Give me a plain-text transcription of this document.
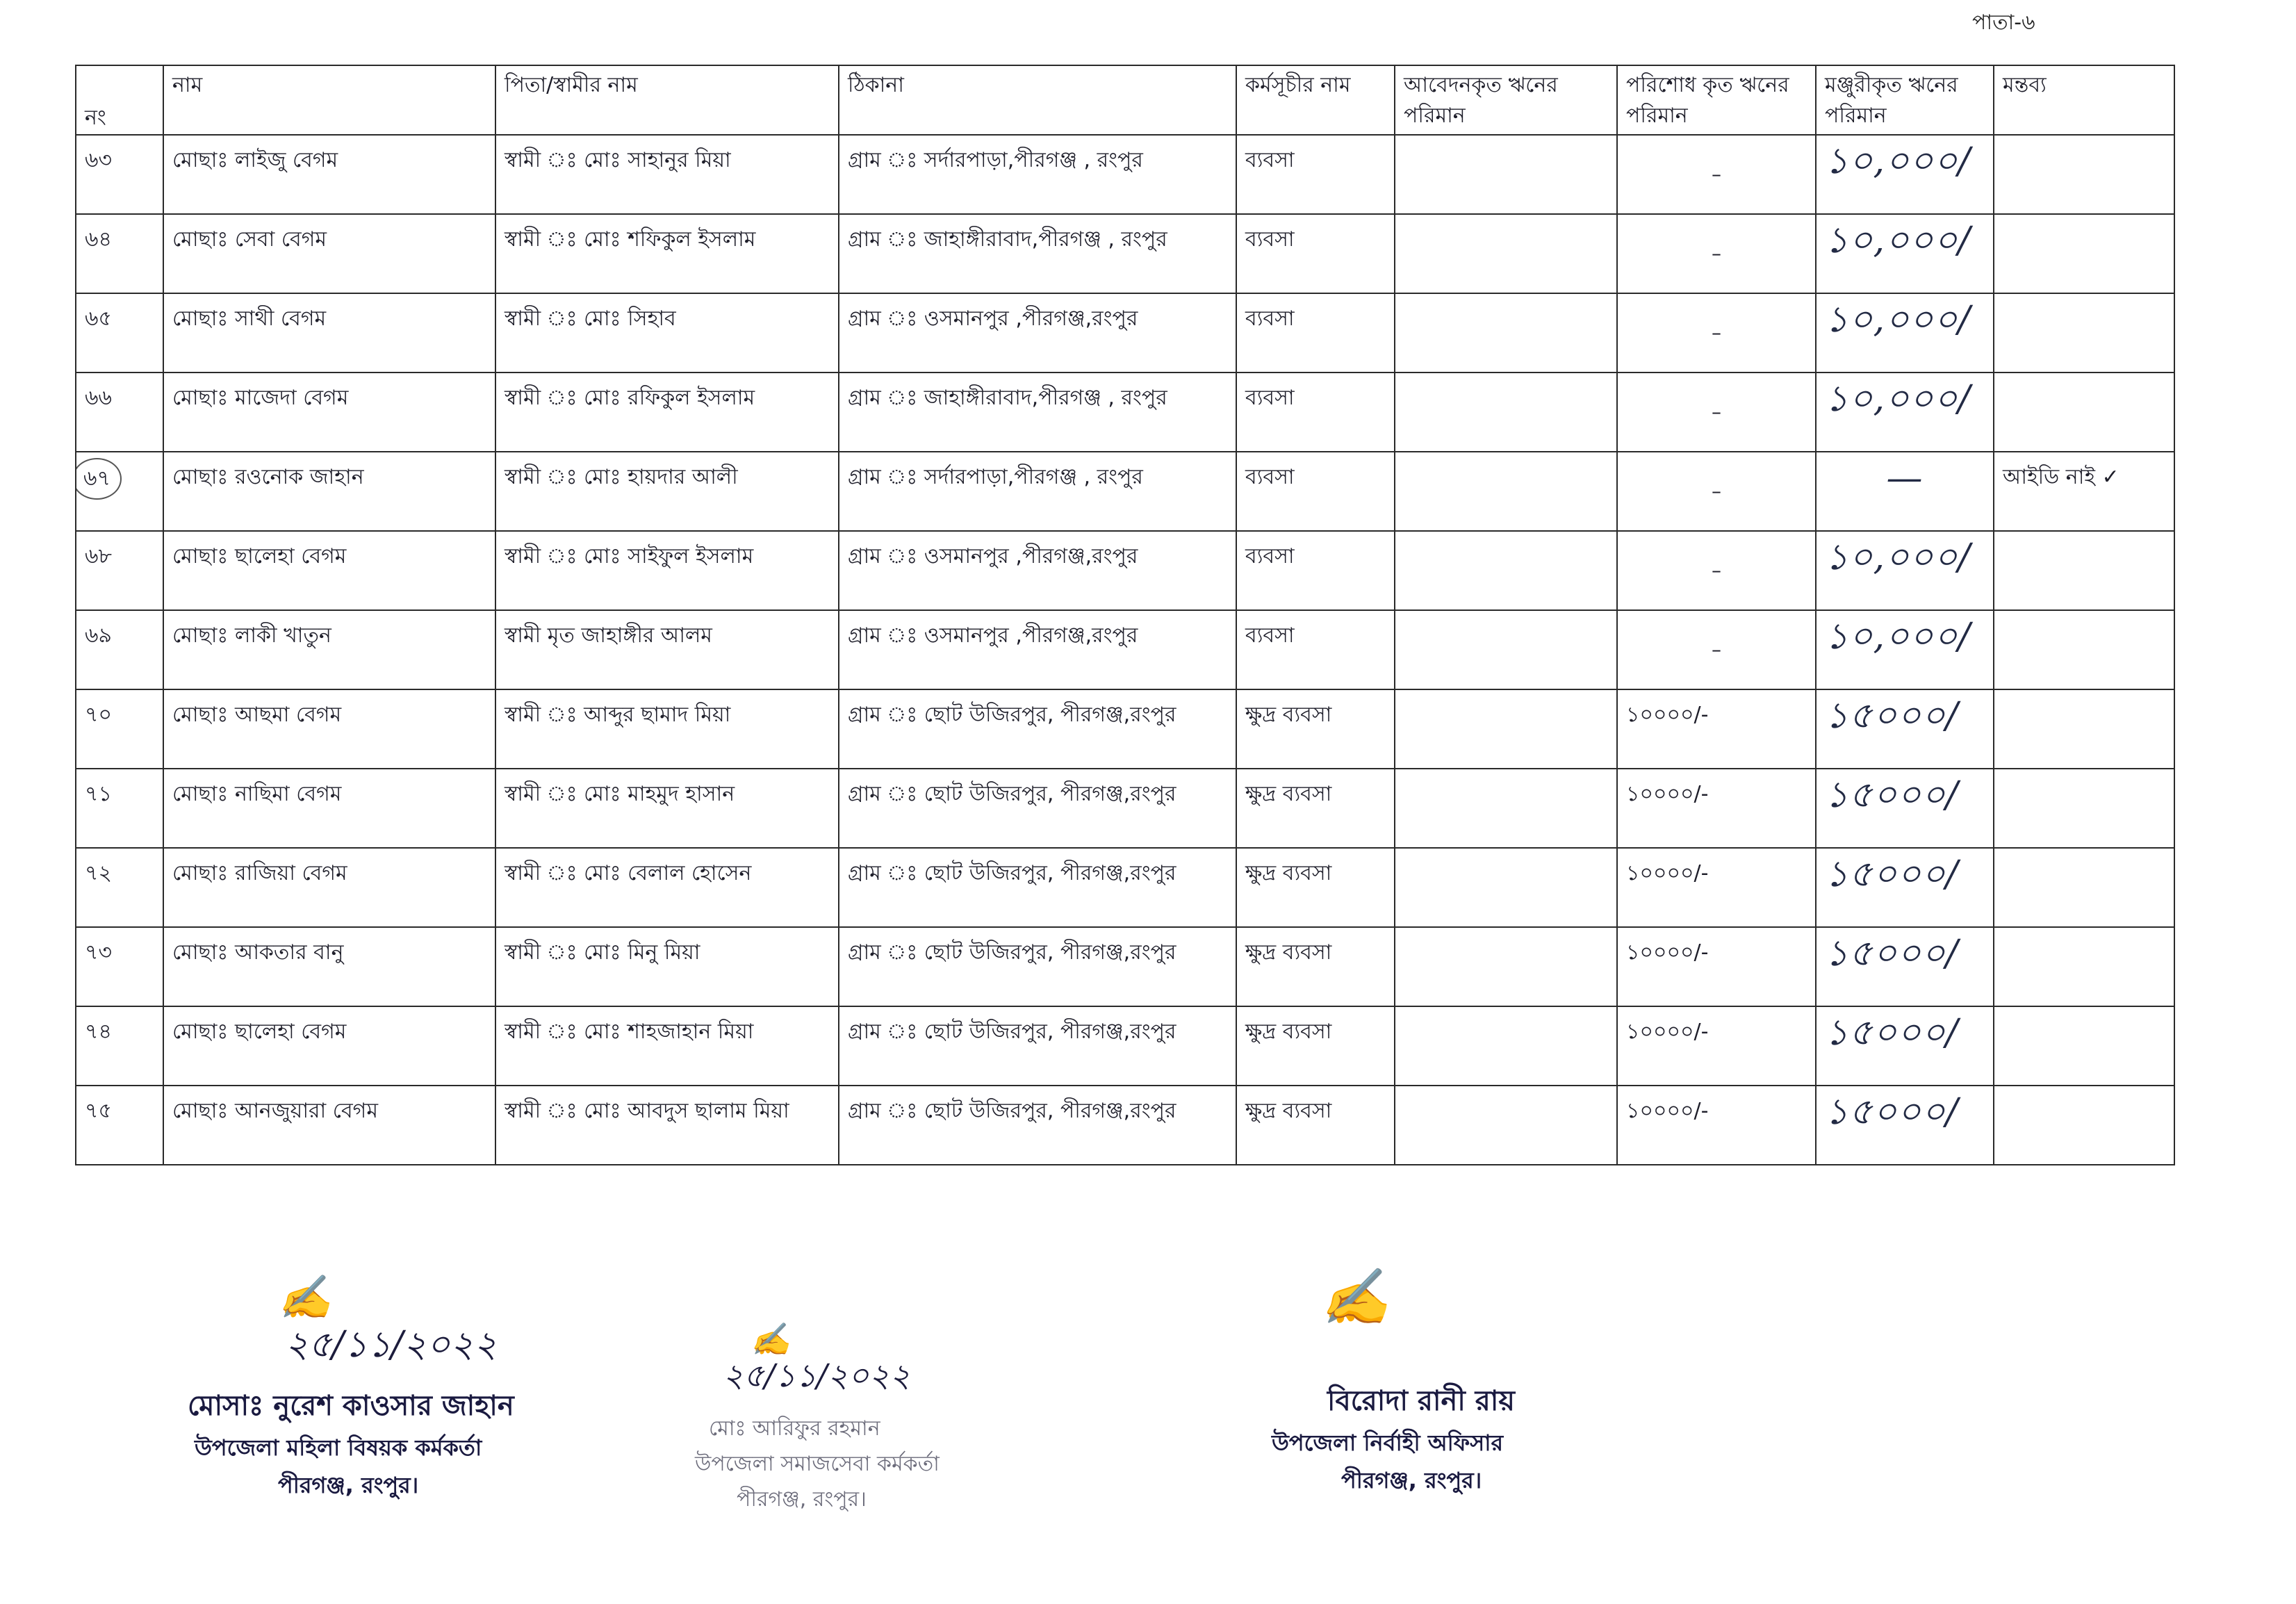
পাতা-৬
নং	নাম	পিতা/স্বামীর নাম	ঠিকানা	কর্মসূচীর নাম	আবেদনকৃত ঋনের পরিমান	পরিশোধ কৃত ঋনের পরিমান	মঞ্জুরীকৃত ঋনের পরিমান	মন্তব্য
৬৩	মোছাঃ লাইজু বেগম	স্বামী ঃ মোঃ সাহানুর মিয়া	গ্রাম ঃ সর্দারপাড়া,পীরগঞ্জ , রংপুর	ব্যবসা		–	১০,০০০/	
৬৪	মোছাঃ সেবা বেগম	স্বামী ঃ মোঃ শফিকুল ইসলাম	গ্রাম ঃ জাহাঙ্গীরাবাদ,পীরগঞ্জ , রংপুর	ব্যবসা		–	১০,০০০/	
৬৫	মোছাঃ সাথী বেগম	স্বামী ঃ মোঃ সিহাব	গ্রাম ঃ ওসমানপুর ,পীরগঞ্জ,রংপুর	ব্যবসা		–	১০,০০০/	
৬৬	মোছাঃ মাজেদা বেগম	স্বামী ঃ মোঃ রফিকুল ইসলাম	গ্রাম ঃ জাহাঙ্গীরাবাদ,পীরগঞ্জ , রংপুর	ব্যবসা		–	১০,০০০/	
৬৭	মোছাঃ রওনোক জাহান	স্বামী ঃ মোঃ হায়দার আলী	গ্রাম ঃ সর্দারপাড়া,পীরগঞ্জ , রংপুর	ব্যবসা		–	—	আইডি নাই ✓
৬৮	মোছাঃ ছালেহা বেগম	স্বামী ঃ মোঃ সাইফুল ইসলাম	গ্রাম ঃ ওসমানপুর ,পীরগঞ্জ,রংপুর	ব্যবসা		–	১০,০০০/	
৬৯	মোছাঃ লাকী খাতুন	স্বামী মৃত জাহাঙ্গীর আলম	গ্রাম ঃ ওসমানপুর ,পীরগঞ্জ,রংপুর	ব্যবসা		–	১০,০০০/	
৭০	মোছাঃ আছমা বেগম	স্বামী ঃ আব্দুর ছামাদ মিয়া	গ্রাম ঃ ছোট উজিরপুর, পীরগঞ্জ,রংপুর	ক্ষুদ্র ব্যবসা		১০০০০/-	১৫০০০/	
৭১	মোছাঃ নাছিমা বেগম	স্বামী ঃ মোঃ মাহমুদ হাসান	গ্রাম ঃ ছোট উজিরপুর, পীরগঞ্জ,রংপুর	ক্ষুদ্র ব্যবসা		১০০০০/-	১৫০০০/	
৭২	মোছাঃ রাজিয়া বেগম	স্বামী ঃ মোঃ বেলাল হোসেন	গ্রাম ঃ ছোট উজিরপুর, পীরগঞ্জ,রংপুর	ক্ষুদ্র ব্যবসা		১০০০০/-	১৫০০০/	
৭৩	মোছাঃ আকতার বানু	স্বামী ঃ মোঃ মিনু মিয়া	গ্রাম ঃ ছোট উজিরপুর, পীরগঞ্জ,রংপুর	ক্ষুদ্র ব্যবসা		১০০০০/-	১৫০০০/	
৭৪	মোছাঃ ছালেহা বেগম	স্বামী ঃ মোঃ শাহজাহান মিয়া	গ্রাম ঃ ছোট উজিরপুর, পীরগঞ্জ,রংপুর	ক্ষুদ্র ব্যবসা		১০০০০/-	১৫০০০/	
৭৫	মোছাঃ আনজুয়ারা বেগম	স্বামী ঃ মোঃ আবদুস ছালাম মিয়া	গ্রাম ঃ ছোট উজিরপুর, পীরগঞ্জ,রংপুর	ক্ষুদ্র ব্যবসা		১০০০০/-	১৫০০০/	
✍
২৫/১১/২০২২
মোসাঃ নুরেশ কাওসার জাহান
উপজেলা মহিলা বিষয়ক কর্মকর্তা
পীরগঞ্জ, রংপুর।
✍
২৫/১১/২০২২
মোঃ আরিফুর রহমান
উপজেলা সমাজসেবা কর্মকর্তা
পীরগঞ্জ, রংপুর।
✍
বিরোদা রানী রায়
উপজেলা নির্বাহী অফিসার
পীরগঞ্জ, রংপুর।
